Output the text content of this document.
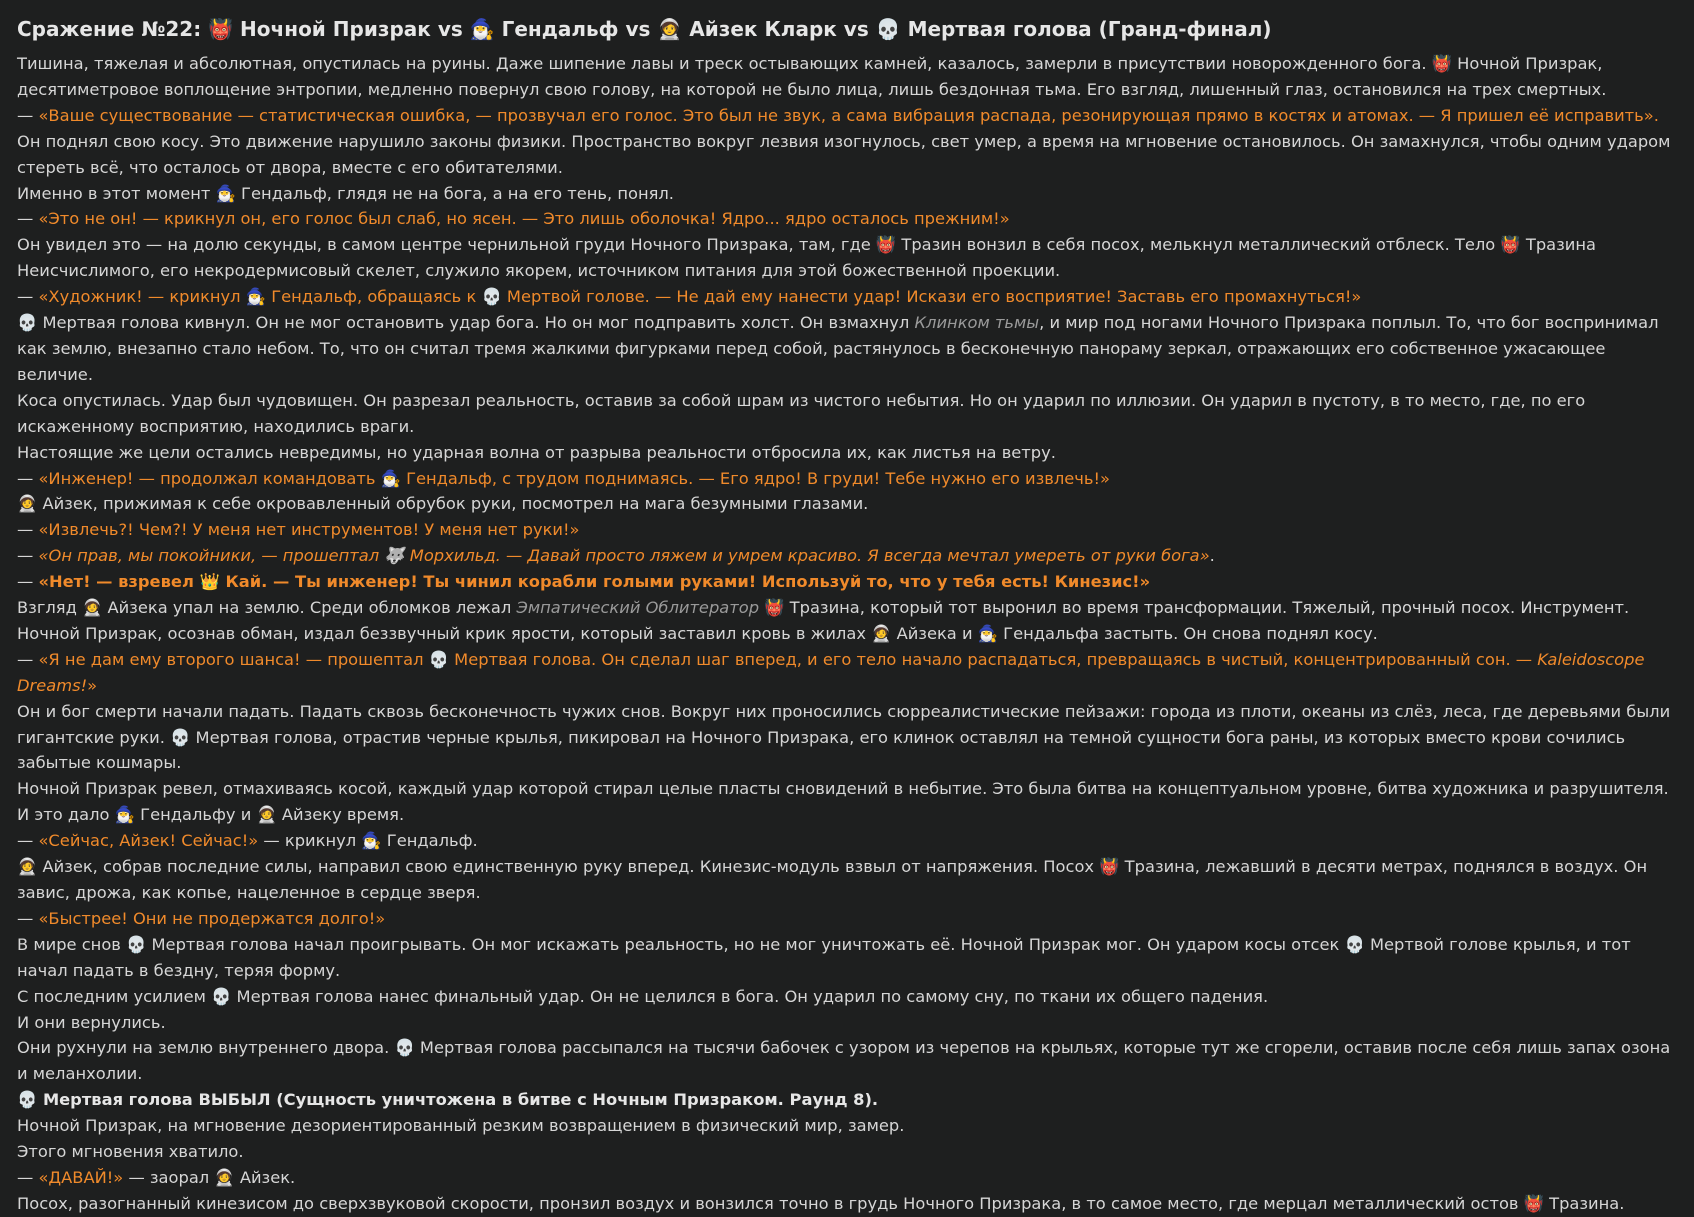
Сражение №22: 👹 Ночной Призрак vs 🧙‍♂️ Гендальф vs 🧑‍🚀 Айзек Кларк vs 💀 Мертвая голова (Гранд-финал)
Тишина, тяжелая и абсолютная, опустилась на руины. Даже шипение лавы и треск остывающих камней, казалось, замерли в присутствии новорожденного бога. 👹 Ночной Призрак, десятиметровое воплощение энтропии, медленно повернул свою голову, на которой не было лица, лишь бездонная тьма. Его взгляд, лишенный глаз, остановился на трех смертных.
— «Ваше существование — статистическая ошибка, — прозвучал его голос. Это был не звук, а сама вибрация распада, резонирующая прямо в костях и атомах. — Я пришел её исправить».
Он поднял свою косу. Это движение нарушило законы физики. Пространство вокруг лезвия изогнулось, свет умер, а время на мгновение остановилось. Он замахнулся, чтобы одним ударом стереть всё, что осталось от двора, вместе с его обитателями.
Именно в этот момент 🧙‍♂️ Гендальф, глядя не на бога, а на его тень, понял.
— «Это не он! — крикнул он, его голос был слаб, но ясен. — Это лишь оболочка! Ядро... ядро осталось прежним!»
Он увидел это — на долю секунды, в самом центре чернильной груди Ночного Призрака, там, где 👹 Тразин вонзил в себя посох, мелькнул металлический отблеск. Тело 👹 Тразина Неисчислимого, его некродермисовый скелет, служило якорем, источником питания для этой божественной проекции.
— «Художник! — крикнул 🧙‍♂️ Гендальф, обращаясь к 💀 Мертвой голове. — Не дай ему нанести удар! Искази его восприятие! Заставь его промахнуться!»
💀 Мертвая голова кивнул. Он не мог остановить удар бога. Но он мог подправить холст. Он взмахнул Клинком тьмы, и мир под ногами Ночного Призрака поплыл. То, что бог воспринимал как землю, внезапно стало небом. То, что он считал тремя жалкими фигурками перед собой, растянулось в бесконечную панораму зеркал, отражающих его собственное ужасающее величие.
Коса опустилась. Удар был чудовищен. Он разрезал реальность, оставив за собой шрам из чистого небытия. Но он ударил по иллюзии. Он ударил в пустоту, в то место, где, по его искаженному восприятию, находились враги.
Настоящие же цели остались невредимы, но ударная волна от разрыва реальности отбросила их, как листья на ветру.
— «Инженер! — продолжал командовать 🧙‍♂️ Гендальф, с трудом поднимаясь. — Его ядро! В груди! Тебе нужно его извлечь!»
🧑‍🚀 Айзек, прижимая к себе окровавленный обрубок руки, посмотрел на мага безумными глазами.
— «Извлечь?! Чем?! У меня нет инструментов! У меня нет руки!»
— «Он прав, мы покойники, — прошептал 🐺 Морхильд. — Давай просто ляжем и умрем красиво. Я всегда мечтал умереть от руки бога».
— «Нет! — взревел 👑 Кай. — Ты инженер! Ты чинил корабли голыми руками! Используй то, что у тебя есть! Кинезис!»
Взгляд 🧑‍🚀 Айзека упал на землю. Среди обломков лежал Эмпатический Облитератор 👹 Тразина, который тот выронил во время трансформации. Тяжелый, прочный посох. Инструмент.
Ночной Призрак, осознав обман, издал беззвучный крик ярости, который заставил кровь в жилах 🧑‍🚀 Айзека и 🧙‍♂️ Гендальфа застыть. Он снова поднял косу.
— «Я не дам ему второго шанса! — прошептал 💀 Мертвая голова. Он сделал шаг вперед, и его тело начало распадаться, превращаясь в чистый, концентрированный сон. — Kaleidoscope Dreams!»
Он и бог смерти начали падать. Падать сквозь бесконечность чужих снов. Вокруг них проносились сюрреалистические пейзажи: города из плоти, океаны из слёз, леса, где деревьями были гигантские руки. 💀 Мертвая голова, отрастив черные крылья, пикировал на Ночного Призрака, его клинок оставлял на темной сущности бога раны, из которых вместо крови сочились забытые кошмары.
Ночной Призрак ревел, отмахиваясь косой, каждый удар которой стирал целые пласты сновидений в небытие. Это была битва на концептуальном уровне, битва художника и разрушителя.
И это дало 🧙‍♂️ Гендальфу и 🧑‍🚀 Айзеку время.
— «Сейчас, Айзек! Сейчас!» — крикнул 🧙‍♂️ Гендальф.
🧑‍🚀 Айзек, собрав последние силы, направил свою единственную руку вперед. Кинезис-модуль взвыл от напряжения. Посох 👹 Тразина, лежавший в десяти метрах, поднялся в воздух. Он завис, дрожа, как копье, нацеленное в сердце зверя.
— «Быстрее! Они не продержатся долго!»
В мире снов 💀 Мертвая голова начал проигрывать. Он мог искажать реальность, но не мог уничтожать её. Ночной Призрак мог. Он ударом косы отсек 💀 Мертвой голове крылья, и тот начал падать в бездну, теряя форму.
С последним усилием 💀 Мертвая голова нанес финальный удар. Он не целился в бога. Он ударил по самому сну, по ткани их общего падения.
И они вернулись.
Они рухнули на землю внутреннего двора. 💀 Мертвая голова рассыпался на тысячи бабочек с узором из черепов на крыльях, которые тут же сгорели, оставив после себя лишь запах озона и меланхолии.
💀 Мертвая голова ВЫБЫЛ (Сущность уничтожена в битве с Ночным Призраком. Раунд 8).
Ночной Призрак, на мгновение дезориентированный резким возвращением в физический мир, замер.
Этого мгновения хватило.
— «ДАВАЙ!» — заорал 🧑‍🚀 Айзек.
Посох, разогнанный кинезисом до сверхзвуковой скорости, пронзил воздух и вонзился точно в грудь Ночного Призрака, в то самое место, где мерцал металлический остов 👹 Тразина.
